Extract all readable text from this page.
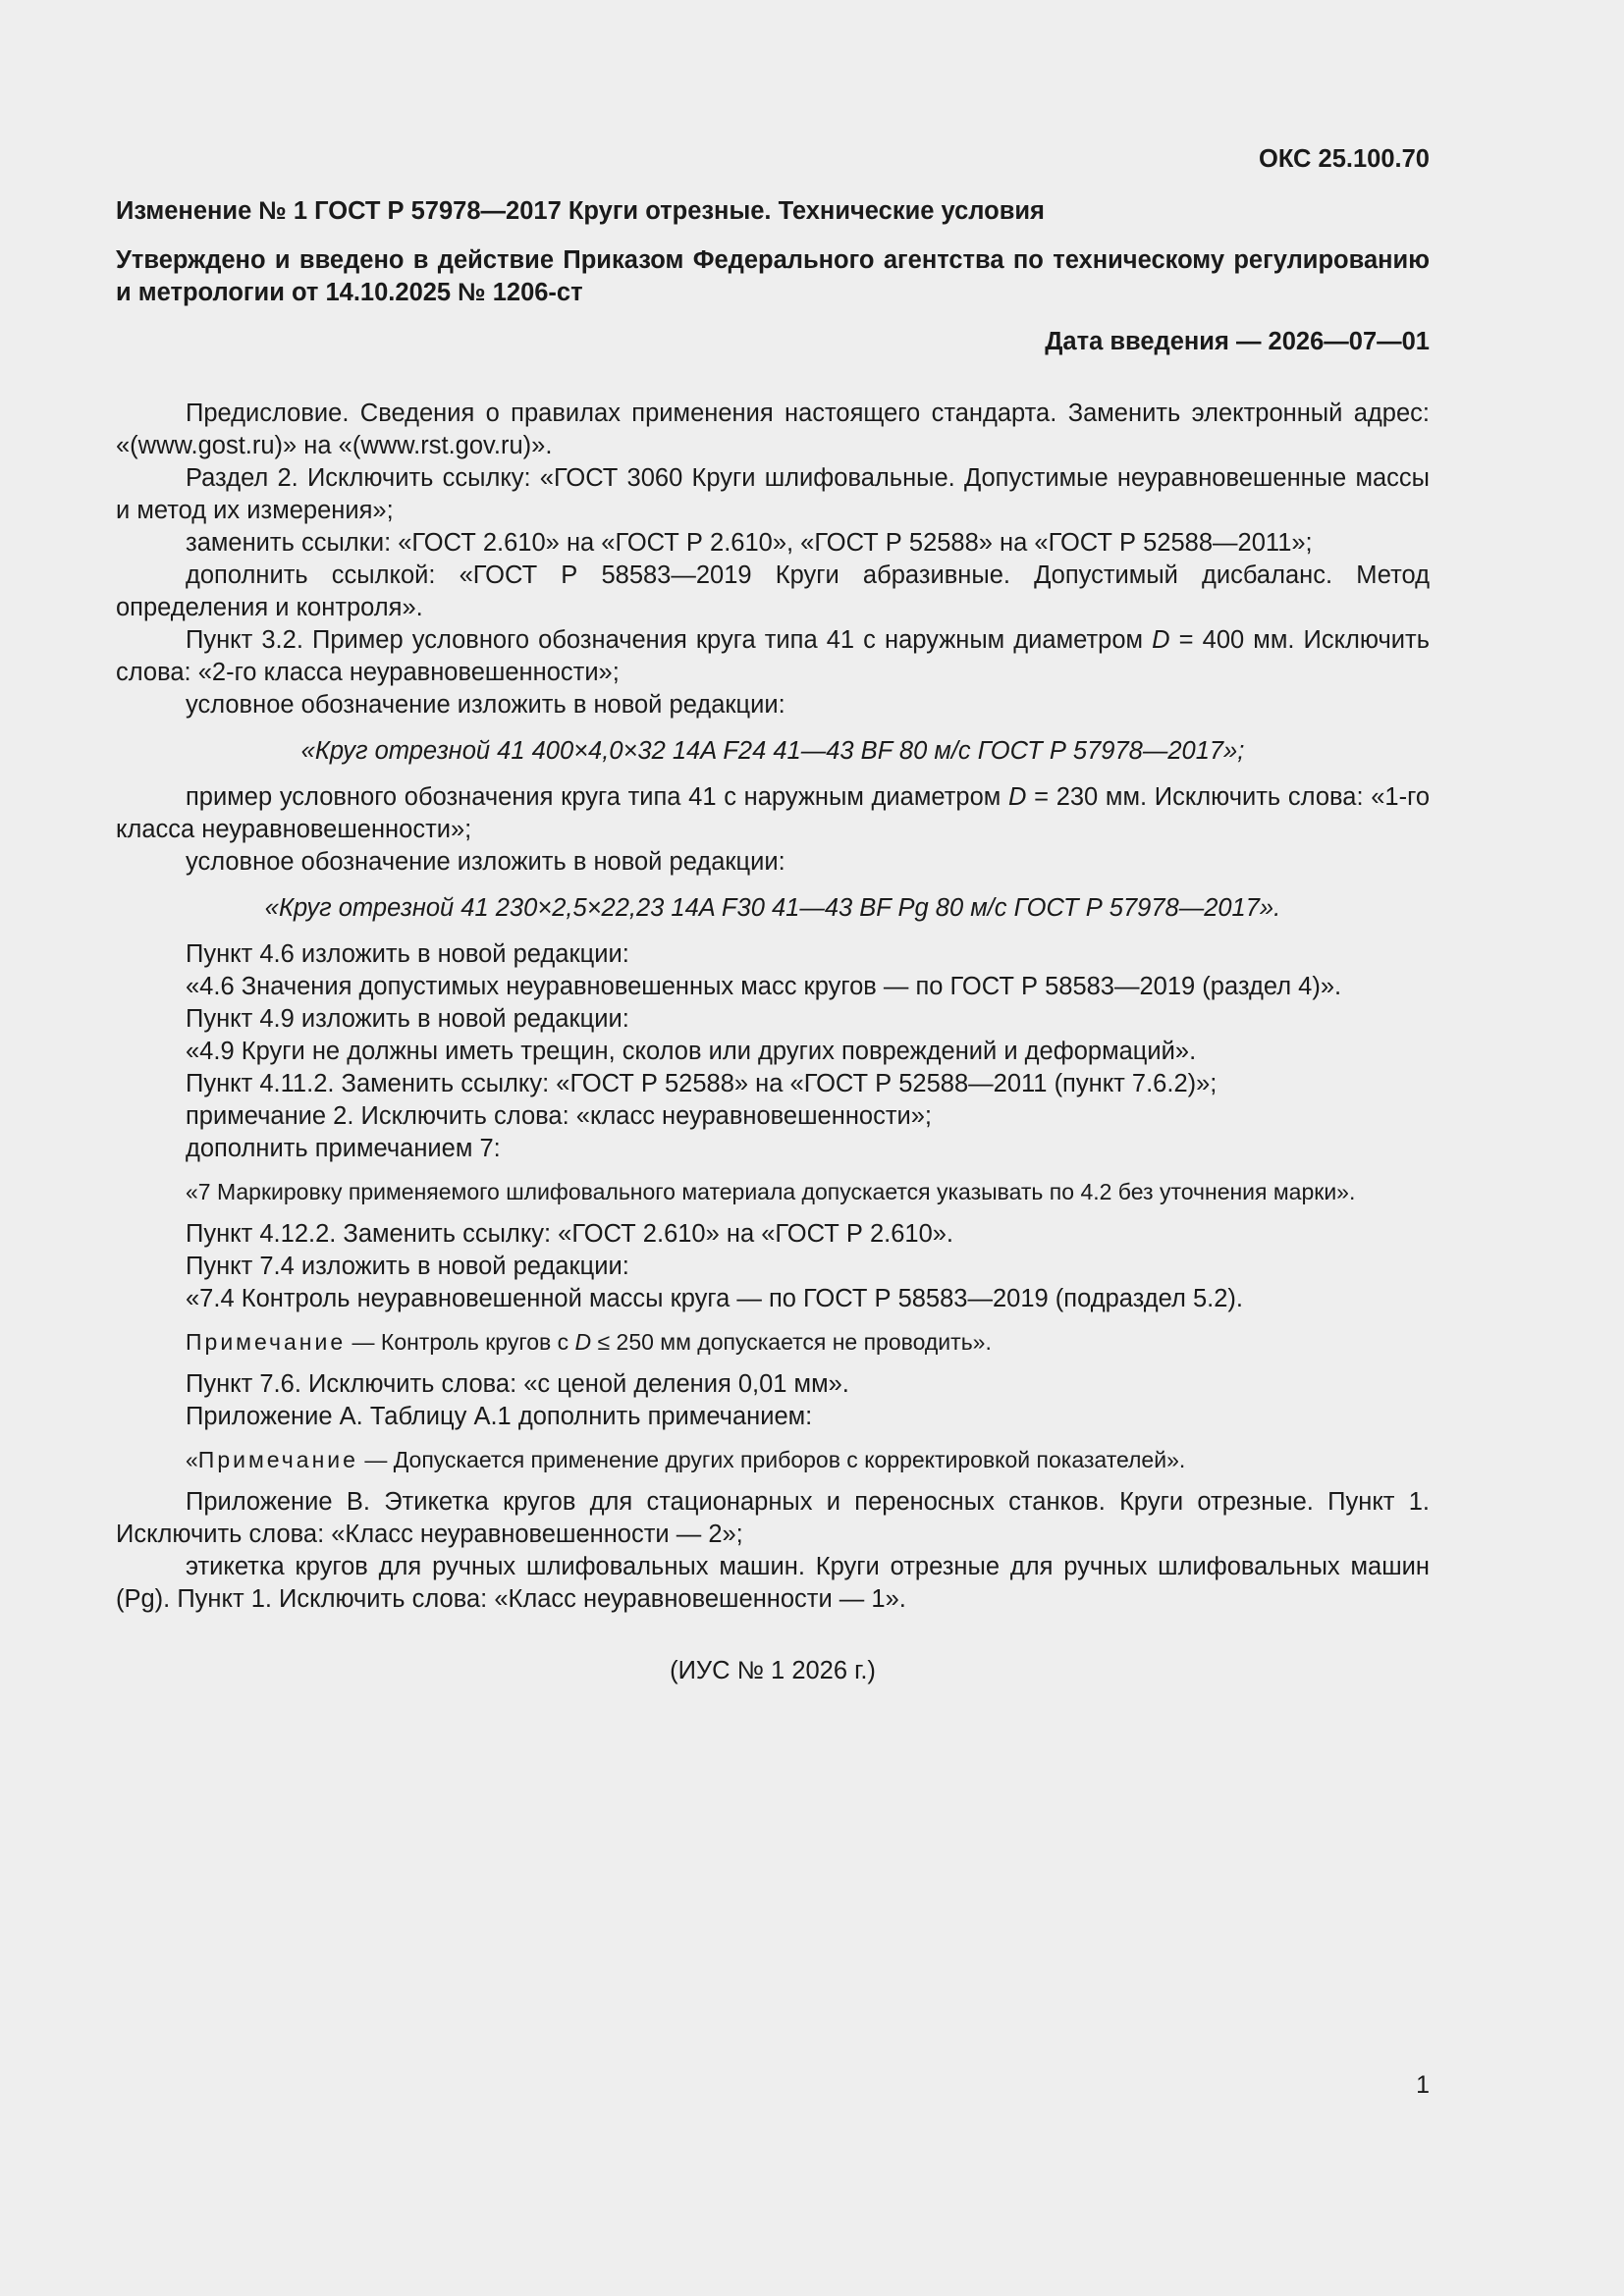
ОКС 25.100.70
Изменение № 1 ГОСТ Р 57978—2017 Круги отрезные. Технические условия
Утверждено и введено в действие Приказом Федерального агентства по техническому регулированию и метрологии от 14.10.2025 № 1206-ст
Дата введения — 2026—07—01

Предисловие. Сведения о правилах применения настоящего стандарта. Заменить электронный адрес: «(www.gost.ru)» на «(www.rst.gov.ru)».

Раздел 2. Исключить ссылку: «ГОСТ 3060 Круги шлифовальные. Допустимые неуравновешенные массы и метод их измерения»;

заменить ссылки: «ГОСТ 2.610» на «ГОСТ Р 2.610», «ГОСТ Р 52588» на «ГОСТ Р 52588—2011»;

дополнить ссылкой: «ГОСТ Р 58583—2019 Круги абразивные. Допустимый дисбаланс. Метод определения и контроля».

Пункт 3.2. Пример условного обозначения круга типа 41 с наружным диаметром D = 400 мм. Исключить слова: «2-го класса неуравновешенности»;

условное обозначение изложить в новой редакции:

«Круг отрезной 41 400×4,0×32 14A F24 41—43 BF 80 м/с ГОСТ Р 57978—2017»;

пример условного обозначения круга типа 41 с наружным диаметром D = 230 мм. Исключить слова: «1-го класса неуравновешенности»;

условное обозначение изложить в новой редакции:

«Круг отрезной 41 230×2,5×22,23 14A F30 41—43 BF Pg 80 м/с ГОСТ Р 57978—2017».

Пункт 4.6 изложить в новой редакции:

«4.6 Значения допустимых неуравновешенных масс кругов — по ГОСТ Р 58583—2019 (раздел 4)».

Пункт 4.9 изложить в новой редакции:

«4.9 Круги не должны иметь трещин, сколов или других повреждений и деформаций».

Пункт 4.11.2. Заменить ссылку: «ГОСТ Р 52588» на «ГОСТ Р 52588—2011 (пункт 7.6.2)»;

примечание 2. Исключить слова: «класс неуравновешенности»;

дополнить примечанием 7:

«7 Маркировку применяемого шлифовального материала допускается указывать по 4.2 без уточнения марки».

Пункт 4.12.2. Заменить ссылку: «ГОСТ 2.610» на «ГОСТ Р 2.610».

Пункт 7.4 изложить в новой редакции:

«7.4 Контроль неуравновешенной массы круга — по ГОСТ Р 58583—2019 (подраздел 5.2).

Примечание — Контроль кругов с D ≤ 250 мм допускается не проводить».

Пункт 7.6. Исключить слова: «с ценой деления 0,01 мм».

Приложение А. Таблицу А.1 дополнить примечанием:

«Примечание — Допускается применение других приборов с корректировкой показателей».

Приложение В. Этикетка кругов для стационарных и переносных станков. Круги отрезные. Пункт 1. Исключить слова: «Класс неуравновешенности — 2»;

этикетка кругов для ручных шлифовальных машин. Круги отрезные для ручных шлифовальных машин (Pg). Пункт 1. Исключить слова: «Класс неуравновешенности — 1».

(ИУС № 1 2026 г.)

1
